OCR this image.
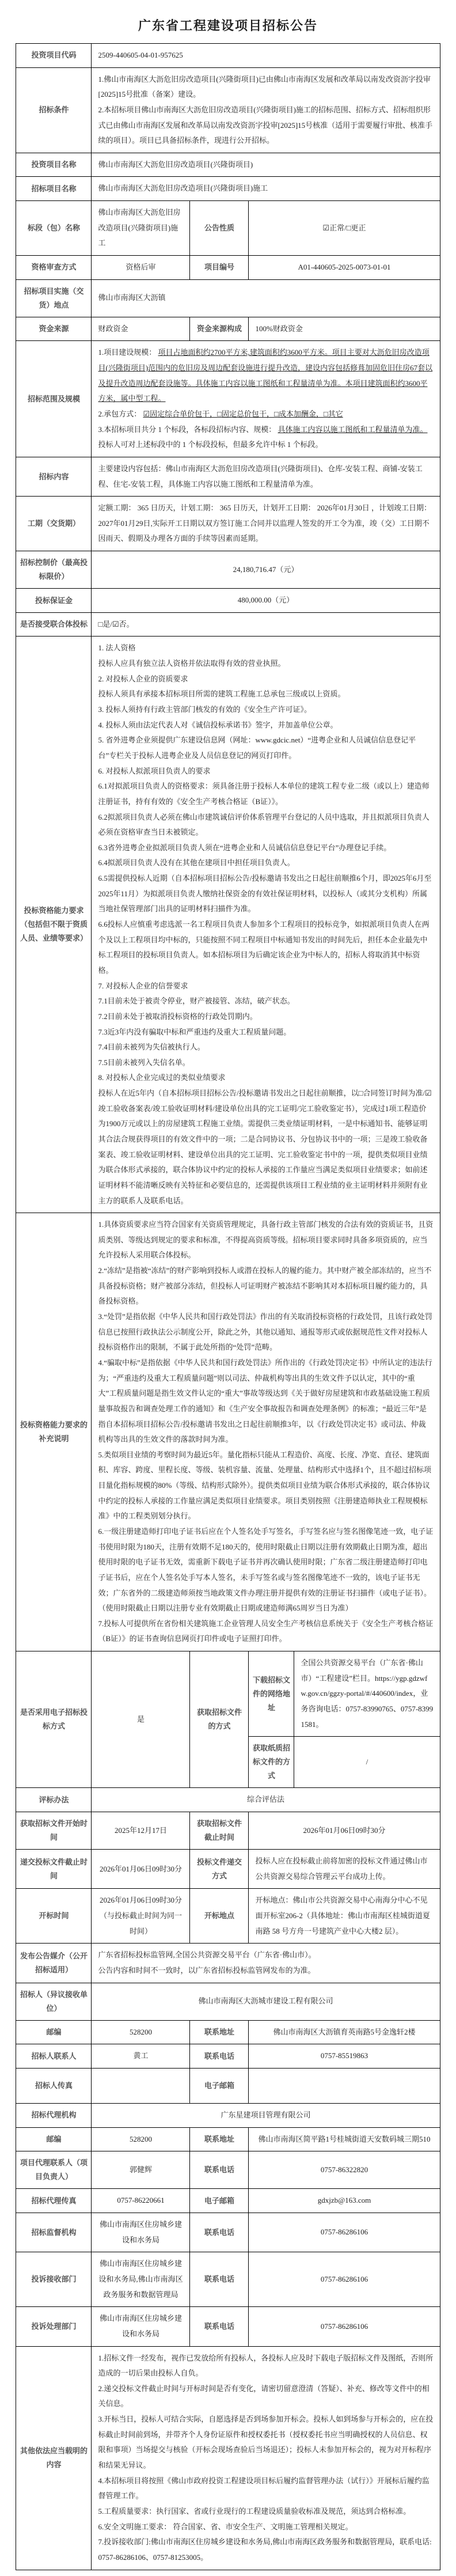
广东省工程建设项目招标公告
投资项目代码	2509-440605-04-01-957625			
招标条件	1.佛山市南海区大沥危旧房改造项目(兴隆街项目)已由佛山市南海区发展和改革局以南发改资沥字投审[2025]15号批准（备案）建设。
2.本招标项目佛山市南海区大沥危旧房改造项目(兴隆街项目)施工的招标范围、招标方式、招标组织形式已由佛山市南海区发展和改革局以南发改资沥字投审[2025]15号核准（适用于需要履行审批、核准手续的项目）。项目已具备招标条件，现进行公开招标。			

投资项目名称	佛山市南海区大沥危旧房改造项目(兴隆街项目)			
招标项目名称	佛山市南海区大沥危旧房改造项目(兴隆街项目)施工			
标段（包）名称	佛山市南海区大沥危旧房改造项目(兴隆街项目)施工	公告性质	☑正常/□更正	
资格审查方式	资格后审	项目编号	A01-440605-2025-0073-01-01	
招标项目实施（交货）地点	佛山市南海区大沥镇			
资金来源	财政资金	资金来源构成	100%财政资金	
招标范围及规模	1.项目建设规模： 项目占地面积约2700平方米,建筑面积约3600平方米。项目主要对大沥危旧房改造项目(兴隆街项目)范围内的危旧房及周边配套设施进行提升改造，建设内容包括修葺加固危旧住房67套以及提升改造周边配套设施等。具体施工内容以施工图纸和工程量清单为准。本项目建筑面积约3600平方米，属中型工程。
2.承包方式： ☑固定综合单价包干，□固定总价包干，□成本加酬金，□其它
3.本招标项目共分 1 个标段，各标段招标内容、规模： 具体施工内容以施工图纸和工程量清单为准。
投标人可对上述标段中的 1 个标段投标，但最多允许中标 1 个标段。			

招标内容	主要建设内容包括：佛山市南海区大沥危旧房改造项目(兴隆街项目)、仓库-安装工程、商铺-安装工程、住宅-安装工程，具体施工内容以施工图纸和工程量清单为准。			
工期（交货期）	定额工期： 365 日历天，计划工期： 365 日历天，计划开工日期： 2026年01月30日 ，计划竣工日期： 2027年01月29日,实际开工日期以双方签订施工合同并以监理人签发的开工令为准，竣（交）工日期不因雨天、假期及办理各方面的手续等因素而延期。			
招标控制价（最高投标限价）	24,180,716.47（元）			
投标保证金	480,000.00（元）			
是否接受联合体投标	□是/☑否。			
投标资格能力要求（包括但不限于资质人员、业绩等要求）	
1. 法人资格
投标人应具有独立法人资格并依法取得有效的营业执照。
2. 对投标人企业的资质要求
投标人须具有承接本招标项目所需的建筑工程施工总承包三级或以上资质。
3. 投标人须持有行政主管部门核发的有效的《安全生产许可证》。
4. 投标人须由法定代表人对《诚信投标承诺书》签字，并加盖单位公章。
5. 省外进粤企业须提供广东建设信息网（网址：www.gdcic.net）“进粤企业和人员诚信信息登记平台”专栏关于投标人进粤企业及人员信息登记的网页打印件。
6. 对投标人拟派项目负责人的要求
6.1对拟派项目负责人的资格要求：须具备注册于投标人本单位的建筑工程专业二级（或以上）建造师注册证书，持有有效的《安全生产考核合格证（B证）》。
6.2拟派项目负责人必须在佛山市建筑诚信评价体系管理平台登记的人员中选取，并且拟派项目负责人必须在资格审查当日未被锁定。
6.3省外进粤企业拟派项目负责人须在“进粤企业和人员诚信信息登记平台”办理登记手续。
6.4拟派项目负责人没有在其他在建项目中担任项目负责人。
6.5需提供投标人近期（自本招标项目招标公告/投标邀请书发出之日起往前顺推6个月，即2025年6月至2025年11月）为拟派项目负责人缴纳社保资金的有效社保证明材料，以投标人（或其分支机构）所属当地社保管理部门出具的证明材料扫描件为准。
6.6投标人应慎重考虑选派一名工程项目负责人参加多个工程项目的投标竞争，如拟派项目负责人在两个及以上工程项目均中标的，只能按照不同工程项目中标通知书发出的时间先后，担任本企业最先中标工程项目的投标项目负责人。如本招标项目为后确定该企业为中标人的，招标人将取消其中标资格。
7. 对投标人企业的信誉要求
7.1目前未处于被责令停业，财产被接管、冻结，破产状态。
7.2目前未处于被取消投标资格的行政处罚期内。
7.3近3年内没有骗取中标和严重违约及重大工程质量问题。
7.4目前未被列为失信被执行人。
7.5目前未被列入失信名单。
8. 对投标人企业完成过的类似业绩要求
投标人在近5年内（自本招标项目招标公告/投标邀请书发出之日起往前顺推，以□合同签订时间为准/☑竣工验收备案表/竣工验收证明材料/建设单位出具的完工证明/完工验收鉴定书），完成过1项工程造价为1900万元或以上的房屋建筑工程施工业绩。需提供三类业绩证明材料，一是中标通知书、能够证明其合法合规获得项目的有效文件中的一项；二是合同协议书、分包协议书中的一项；三是竣工验收备案表、竣工验收证明材料、建设单位出具的完工证明、完工验收鉴定书中的一项，提供类似项目业绩为联合体形式承接的，联合体协议中约定的投标人承接的工作量应当满足类似项目业绩要求；如前述证明材料不能清晰反映有关特征和必要信息的，还需提供该项目工程业绩的业主证明材料并须附有业主方的联系人及联系电话。

投标资格能力要求的补充说明	
1.具体资质要求应当符合国家有关资质管理规定，具备行政主管部门核发的合法有效的资质证书，且资质类别、等级达到规定的要求和标准，不得提高资质等级。招标项目要求同时具备多项资质的，应当允许投标人采用联合体投标。
2.“冻结”是指被“冻结”的财产影响到投标人或潜在投标人的履约能力。其中财产被全部冻结的，应当不具备投标资格；财产被部分冻结，但投标人可证明财产被冻结不影响其对本招标项目履约能力的，具备投标资格。
3.“处罚”是指依据《中华人民共和国行政处罚法》作出的有关取消投标资格的行政处罚，且该行政处罚信息已按照行政执法公示制度公开，除此之外，其他以通知、通报等形式或依据规范性文件对投标人投标资格作出的限制，不属于此处所指的“处罚”范畴。
4.“骗取中标”是指依据《中华人民共和国行政处罚法》所作出的《行政处罚决定书》中所认定的违法行为；“严重违约及重大工程质量问题”则以司法、仲裁机构等出具的生效文件予以认定，其中的“重大”工程质量问题是指生效文件认定的“重大”事故等级达到《关于做好房屋建筑和市政基础设施工程质量事故报告和调查处理工作的通知》和《生产安全事故报告和调查处理条例》的标准；“最近三年”是指自本招标项目招标公告/投标邀请书发出之日起往前顺推3年，以《行政处罚决定书》或司法、仲裁机构等出具的生效文件的落款时间为准。
5.类似项目业绩的考察时间为最近5年。量化指标只能从工程造价、高度、长度、净宽、直径、建筑面积、库容、跨度、里程长度、等级、装机容量、流量、处理量、结构形式中选择1个，且不超过招标项目量化指标规模的80%（等级、结构形式除外）。提供类似项目业绩为联合体形式承接的，联合体协议中约定的投标人承接的工作量应满足类似项目业绩要求。项目类别按照《注册建造师执业工程规模标准》中的工程类别划分执行。
6.一级注册建造师打印电子证书后应在个人签名处手写签名，手写签名应与签名图像笔迹一致，电子证书使用时限为180天，注册有效期不足180天的，使用时限截止日期以注册有效期截止日期为准，超出使用时限的电子证书无效，需重新下载电子证书并再次确认使用时限；广东省二级注册建造师打印电子证书后，应在个人签名处手写本人签名，未手写签名或与签名图像笔迹不一致的，该电子证书无效；广东省外的二级建造师须按当地政策文件办理注册并提供有效的注册证书扫描件（或电子证书）。（使用时限截止日期以注册专业有效期截止日期或建造师满65周岁当日为准）
7.投标人可提供所在省份相关建筑施工企业管理人员安全生产考核信息系统关于《安全生产考核合格证（B证）》的证书查询信息网页打印件或电子证照打印件。

是否采用电子招标投标方式	是	获取招标文件的方式	下载招标文件的网络地址	全国公共资源交易平台（广东省·佛山市）“工程建设”栏目。https://ygp.gdzwfw.gov.cn/ggzy-portal/#/440600/index，业务咨询电话：0757-83990765、0757-83991581。
			获取纸质招标文件的方式	/
评标办法	综合评估法			
获取招标文件开始时间	2025年12月17日	获取招标文件截止时间	2026年01月06日09时30分	
递交投标文件截止时间	2026年01月06日09时30分	投标文件递交方式	投标人应在投标截止前将加密的投标文件通过佛山市公共资源交易综合管理云平台成功上传。	
开标时间	2026年01月06日09时30分（与投标截止时间为同一时间）	开标地点	开标地点：佛山市公共资源交易中心南海分中心不见面开标室206-2（具体地址：佛山市南海区桂城街道夏南路 58 号方舟一号建筑产业中心大楼2 层）。	
发布公告媒介（公开招标适用）	广东省招标投标监管网,全国公共资源交易平台（广东省·佛山市）。
公告内容和时间不一致时，以广东省招标投标监管网发布的为准。			

招标人（异议接收单位）	佛山市南海区大沥城市建设工程有限公司			
邮编	528200	联系地址	佛山市南海区大沥镇育英南路5号金逸轩2楼	
招标人联系人	黄工	联系电话	0757-85519863	
招标人传真		电子邮箱		
招标代理机构	广东星建项目管理有限公司			
邮编	528200	联系地址	佛山市南海区简平路1号桂城街道天安数码城三期510	
项目代理联系人（项目负责人）	郭健辉	联系电话	0757-86322820	
招标代理传真	0757-86220661	电子邮箱	gdxjzb@163.com	
招标监督机构	佛山市南海区住房城乡建设和水务局	联系电话	0757-86286106	
投诉接收部门	佛山市南海区住房城乡建设和水务局,佛山市南海区政务服务和数据管理局	联系电话	0757-86286106	
投诉处理部门	佛山市南海区住房城乡建设和水务局	联系电话	0757-86286106	
其他依法应当载明的内容	
1.招标文件一经发布，视作已发放给所有投标人，各投标人应及时下载电子版招标文件及图纸，否则所造成的一切后果由投标人自负。
2.递交投标文件截止时间与开标时间是否有变化，请密切留意澄清（答疑）、补充、修改等文件中的相关信息。
3.开标当日，投标人可结合实际，自愿选择是否到场参加开标会。投标人如到场参与开标会的，应在投标截止时间前到场，并带齐个人身份证原件和授权委托书（授权委托书应当明确授权的人员信息、权限和事项）当场提交与核验（开标会现场查验后当场退还）；投标人未参加开标会的，视为对开标程序和结果无异议。
4.本招标项目将按照《佛山市政府投资工程建设项目标后履约监督管理办法（试行）》开展标后履约监督管理工作。
5.工程质量要求：执行国家、省或行业现行的工程建设质量验收标准及规范，须达到合格标准。
6.安全文明施工要求： 符合国家、省、市安全生产、文明施工管理相关规定。
7.投诉接收部门:佛山市南海区住房城乡建设和水务局,佛山市南海区政务服务和数据管理局，联系电话:0757-86286106、0757-81253005。
